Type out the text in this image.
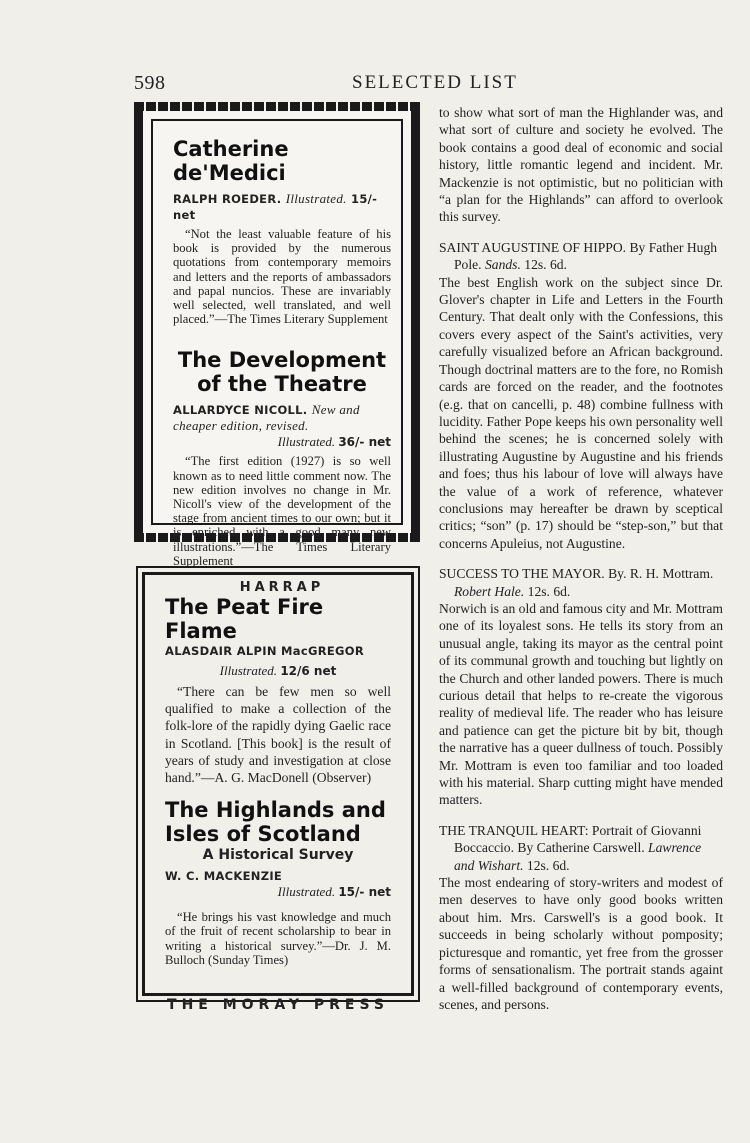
598	SELECTED LIST
Catherine de'Medici
RALPH ROEDER. Illustrated. 15/- net
“Not the least valuable feature of his book is provided by the numerous quotations from contemporary memoirs and letters and the reports of ambassadors and papal nuncios. These are invariably well selected, well translated, and well placed.”—The Times Literary Supplement
The Development
of the Theatre
ALLARDYCE NICOLL. New and cheaper edition, revised.
Illustrated. 36/- net
“The first edition (1927) is so well known as to need little comment now. The new edition involves no change in Mr. Nicoll's view of the development of the stage from ancient times to our own; but it is enriched with a good many new illustrations.”—The Times Literary Supplement
HARRAP
The Peat Fire Flame
ALASDAIR ALPIN MacGREGOR
Illustrated. 12/6 net
“There can be few men so well qualified to make a collection of the folk-lore of the rapidly dying Gaelic race in Scotland. [This book] is the result of years of study and investigation at close hand.”—A. G. MacDonell (Observer)
The Highlands and
Isles of Scotland
A Historical Survey
W. C. MACKENZIE
Illustrated. 15/- net
“He brings his vast knowledge and much of the fruit of recent scholarship to bear in writing a historical survey.”—Dr. J. M. Bulloch (Sunday Times)
THE MORAY PRESS

to show what sort of man the Highlander was, and what sort of culture and society he evolved. The book contains a good deal of economic and social history, little romantic legend and incident. Mr. Mackenzie is not optimistic, but no politician with “a plan for the Highlands” can afford to overlook this survey.

SAINT AUGUSTINE OF HIPPO. By Father Hugh Pole. Sands. 12s. 6d.

The best English work on the subject since Dr. Glover's chapter in Life and Letters in the Fourth Century. That dealt only with the Confessions, this covers every aspect of the Saint's activities, very carefully visualized before an African background. Though doctrinal matters are to the fore, no Romish cards are forced on the reader, and the footnotes (e.g. that on cancelli, p. 48) combine fullness with lucidity. Father Pope keeps his own personality well behind the scenes; he is concerned solely with illustrating Augustine by Augustine and his friends and foes; thus his labour of love will always have the value of a work of reference, whatever conclusions may hereafter be drawn by sceptical critics; “son” (p. 17) should be “step-son,” but that concerns Apuleius, not Augustine.

SUCCESS TO THE MAYOR. By. R. H. Mottram. Robert Hale. 12s. 6d.

Norwich is an old and famous city and Mr. Mottram one of its loyalest sons. He tells its story from an unusual angle, taking its mayor as the central point of its communal growth and touching but lightly on the Church and other landed powers. There is much curious detail that helps to re-create the vigorous reality of medieval life. The reader who has leisure and patience can get the picture bit by bit, though the narrative has a queer dullness of touch. Possibly Mr. Mottram is even too familiar and too loaded with his material. Sharp cutting might have mended matters.

THE TRANQUIL HEART: Portrait of Giovanni Boccaccio. By Catherine Carswell. Lawrence and Wishart. 12s. 6d.

The most endearing of story-writers and modest of men deserves to have only good books written about him. Mrs. Carswell's is a good book. It succeeds in being scholarly without pomposity; picturesque and romantic, yet free from the grosser forms of sensationalism. The portrait stands againt a well-filled background of contemporary events, scenes, and persons.
